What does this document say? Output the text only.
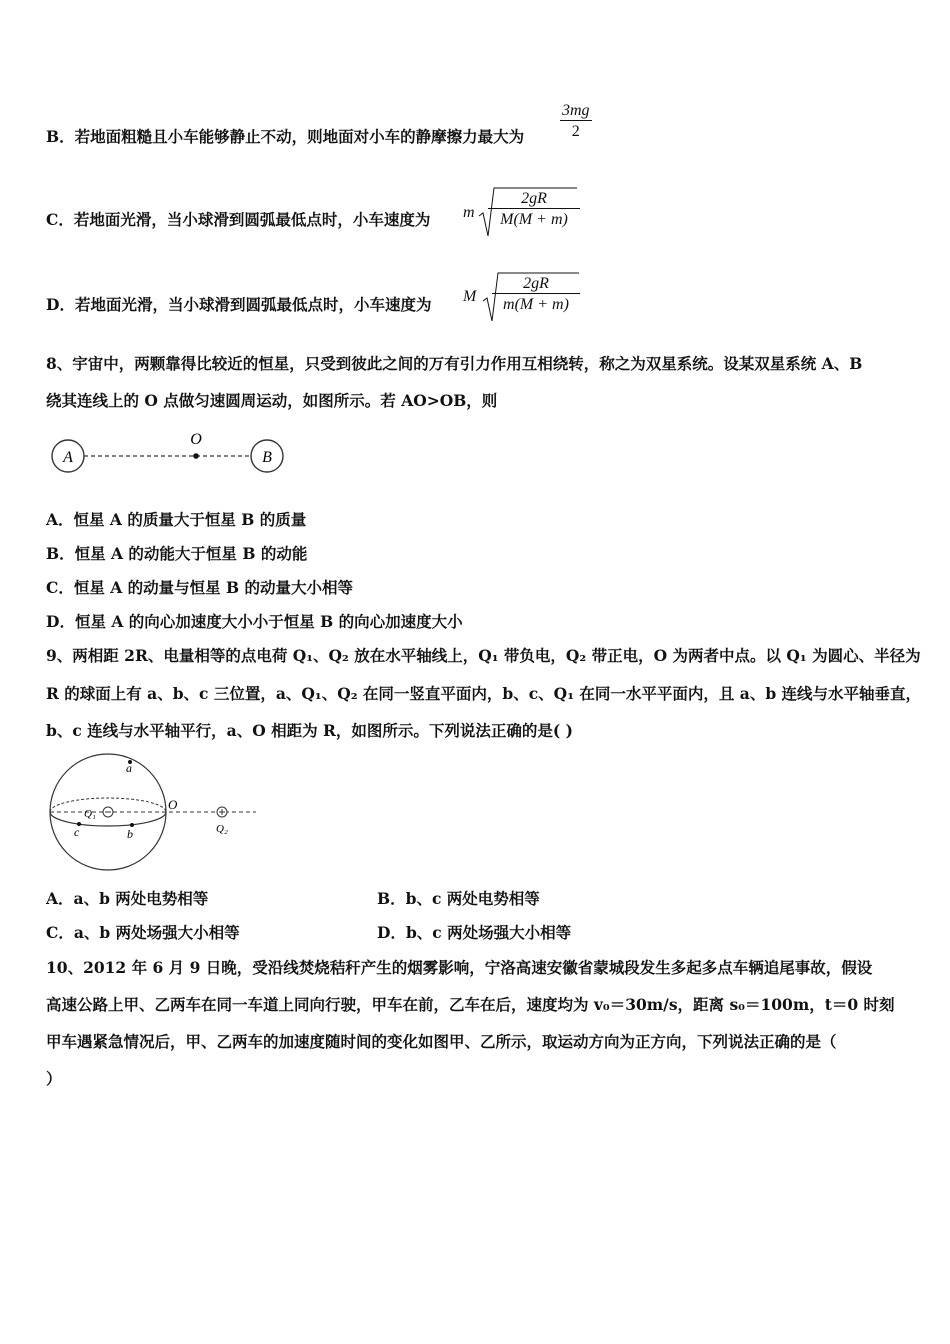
B．若地面粗糙且小车能够静止不动，则地面对小车的静摩擦力最大为 $\frac{3mg}{2}$
C．若地面光滑，当小球滑到圆弧最低点时，小车速度为 m $\frac{2gR}{M(M + m)}$
D．若地面光滑，当小球滑到圆弧最低点时，小车速度为 M $\frac{2gR}{m(M + m)}$
8、宇宙中，两颗靠得比较近的恒星，只受到彼此之间的万有引力作用互相绕转，称之为双星系统。设某双星系统 A、B
绕其连线上的 O 点做匀速圆周运动，如图所示。若 AO>OB，则
A
O
B
A．恒星 A 的质量大于恒星 B 的质量
B．恒星 A 的动能大于恒星 B 的动能
C．恒星 A 的动量与恒星 B 的动量大小相等
D．恒星 A 的向心加速度大小小于恒星 B 的向心加速度大小
9、两相距 2R、电量相等的点电荷 Q₁、Q₂ 放在水平轴线上，Q₁ 带负电，Q₂ 带正电，O 为两者中点。以 Q₁ 为圆心、半径为
R 的球面上有 a、b、c 三位置，a、Q₁、Q₂ 在同一竖直平面内，b、c、Q₁ 在同一水平平面内，且 a、b 连线与水平轴垂直，
b、c 连线与水平轴平行，a、O 相距为 R，如图所示。下列说法正确的是( )
a
Q₁
O
Q₂
c	b
A．a、b 两处电势相等	B．b、c 两处电势相等
C．a、b 两处场强大小相等	D．b、c 两处场强大小相等
10、2012 年 6 月 9 日晚，受沿线焚烧秸秆产生的烟雾影响，宁洛高速安徽省蒙城段发生多起多点车辆追尾事故，假设
高速公路上甲、乙两车在同一车道上同向行驶，甲车在前，乙车在后，速度均为 v₀＝30m/s，距离 s₀＝100m，t＝0 时刻
甲车遇紧急情况后，甲、乙两车的加速度随时间的变化如图甲、乙所示，取运动方向为正方向，下列说法正确的是（
）
